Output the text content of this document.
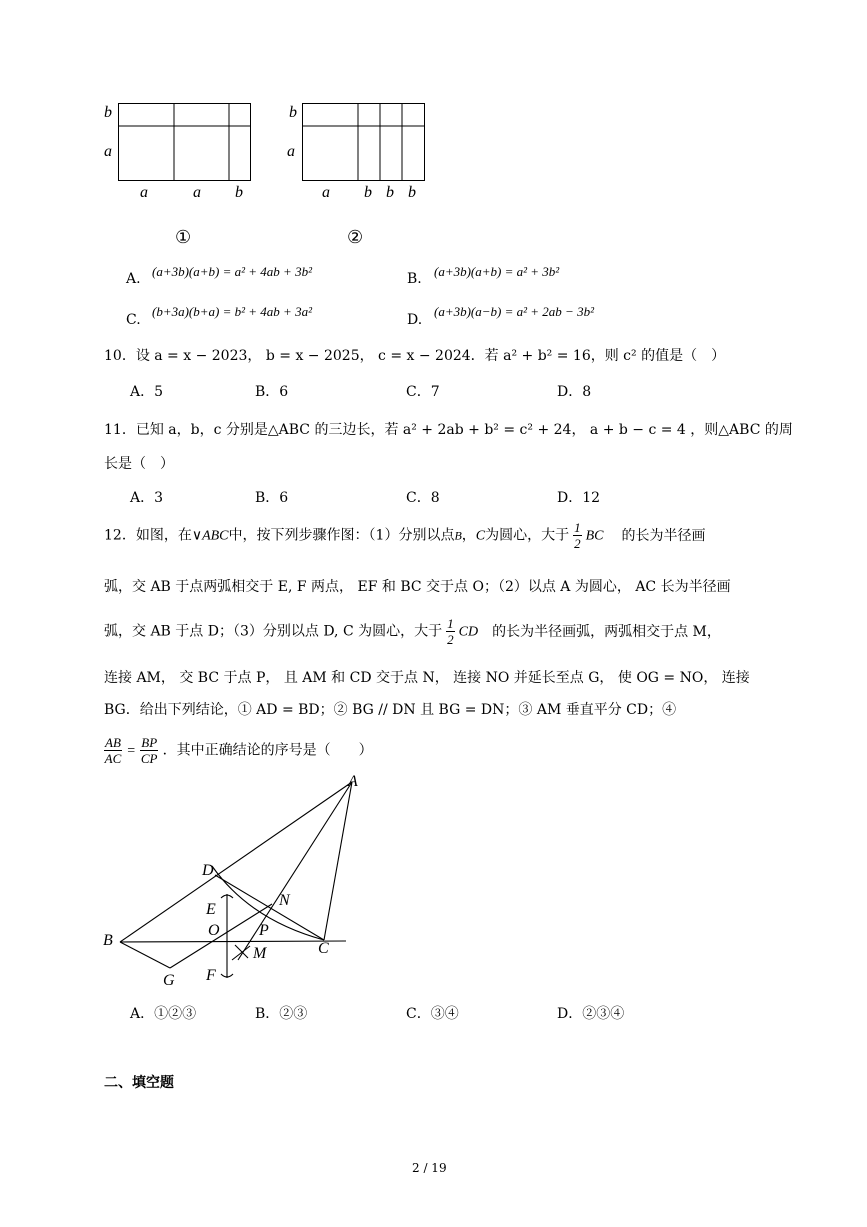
b
a
a	a b
①
b
a
a b b b
②
A. (a+3b)(a+b) = a² + 4ab + 3b²	B. (a+3b)(a+b) = a² + 3b²
C.
(b+3a)(b+a) = b² + 4ab + 3a²
D.
(a+3b)(a−b) = a² + 2ab − 3b²
10．设 a = x − 2023， b = x − 2025， c = x − 2024．若 a² + b² = 16，则 c² 的值是（　）
A．5	B．6	C．7	D．8
11．已知 a，b，c 分别是△ABC 的三边长，若 a² + 2ab + b² = c² + 24， a + b − c = 4 ，则△ABC 的周
长是（　）
A．3	B．6	C．8	D．12
12．如图，在∨ABC中，按下列步骤作图：（1）分别以点B，C为圆心，大于 $\frac{1}{2}$ BC 的长为半径画
弧，交 AB 于点两弧相交于 E, F 两点， EF 和 BC 交于点 O；（2）以点 A 为圆心， AC 长为半径画
弧，交 AB 于点 D；（3）分别以点 D, C 为圆心，大于 $\frac{1}{2}$ CD 的长为半径画弧，两弧相交于点 M，
连接 AM， 交 BC 于点 P， 且 AM 和 CD 交于点 N， 连接 NO 并延长至点 G， 使 OG = NO， 连接
BG．给出下列结论，① AD = BD；② BG // DN 且 BG = DN；③ AM 垂直平分 CD；④
$\frac{AB}{AC} = \frac{BP}{CP}$ ．其中正确结论的序号是（　　）
A
D
E
N
B
O P
M	C
G F
A．①②③	B．②③	C．③④	D．②③④
二、填空题
2 / 19
